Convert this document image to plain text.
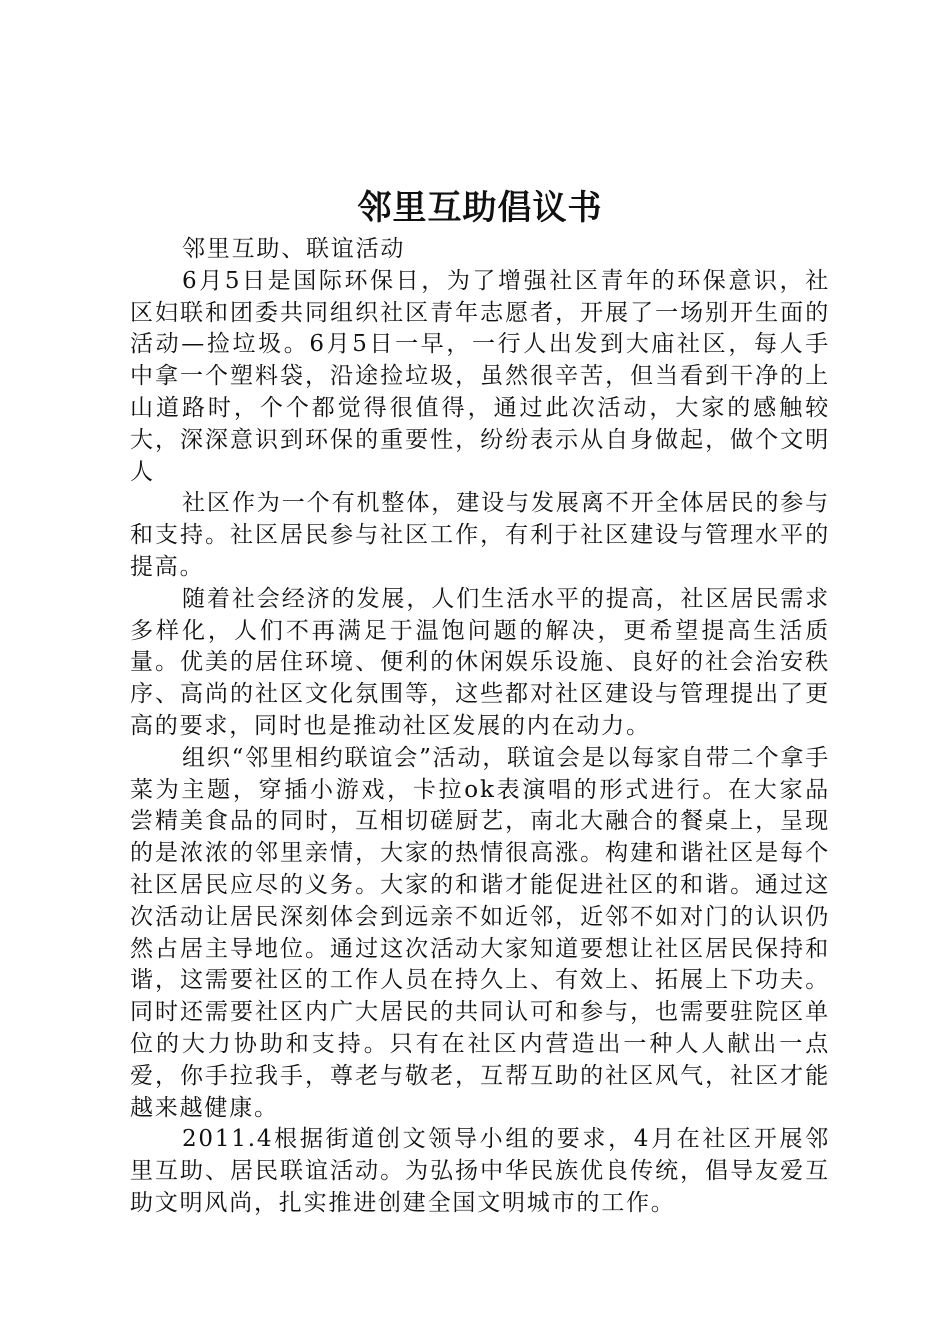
邻里互助倡议书

邻里互助、联谊活动

6月5日是国际环保日，为了增强社区青年的环保意识，社区妇联和团委共同组织社区青年志愿者，开展了一场别开生面的活动—捡垃圾。6月5日一早，一行人出发到大庙社区，每人手中拿一个塑料袋，沿途捡垃圾，虽然很辛苦，但当看到干净的上山道路时，个个都觉得很值得，通过此次活动，大家的感触较大，深深意识到环保的重要性，纷纷表示从自身做起，做个文明人

社区作为一个有机整体，建设与发展离不开全体居民的参与和支持。社区居民参与社区工作，有利于社区建设与管理水平的提高。

随着社会经济的发展，人们生活水平的提高，社区居民需求多样化，人们不再满足于温饱问题的解决，更希望提高生活质量。优美的居住环境、便利的休闲娱乐设施、良好的社会治安秩序、高尚的社区文化氛围等，这些都对社区建设与管理提出了更高的要求，同时也是推动社区发展的内在动力。

组织“邻里相约联谊会”活动，联谊会是以每家自带二个拿手菜为主题，穿插小游戏，卡拉ok表演唱的形式进行。在大家品尝精美食品的同时，互相切磋厨艺，南北大融合的餐桌上，呈现的是浓浓的邻里亲情，大家的热情很高涨。构建和谐社区是每个社区居民应尽的义务。大家的和谐才能促进社区的和谐。通过这次活动让居民深刻体会到远亲不如近邻，近邻不如对门的认识仍然占居主导地位。通过这次活动大家知道要想让社区居民保持和谐，这需要社区的工作人员在持久上、有效上、拓展上下功夫。同时还需要社区内广大居民的共同认可和参与，也需要驻院区单位的大力协助和支持。只有在社区内营造出一种人人献出一点爱，你手拉我手，尊老与敬老，互帮互助的社区风气，社区才能越来越健康。

2011.4根据街道创文领导小组的要求，4月在社区开展邻里互助、居民联谊活动。为弘扬中华民族优良传统，倡导友爱互助文明风尚，扎实推进创建全国文明城市的工作。
